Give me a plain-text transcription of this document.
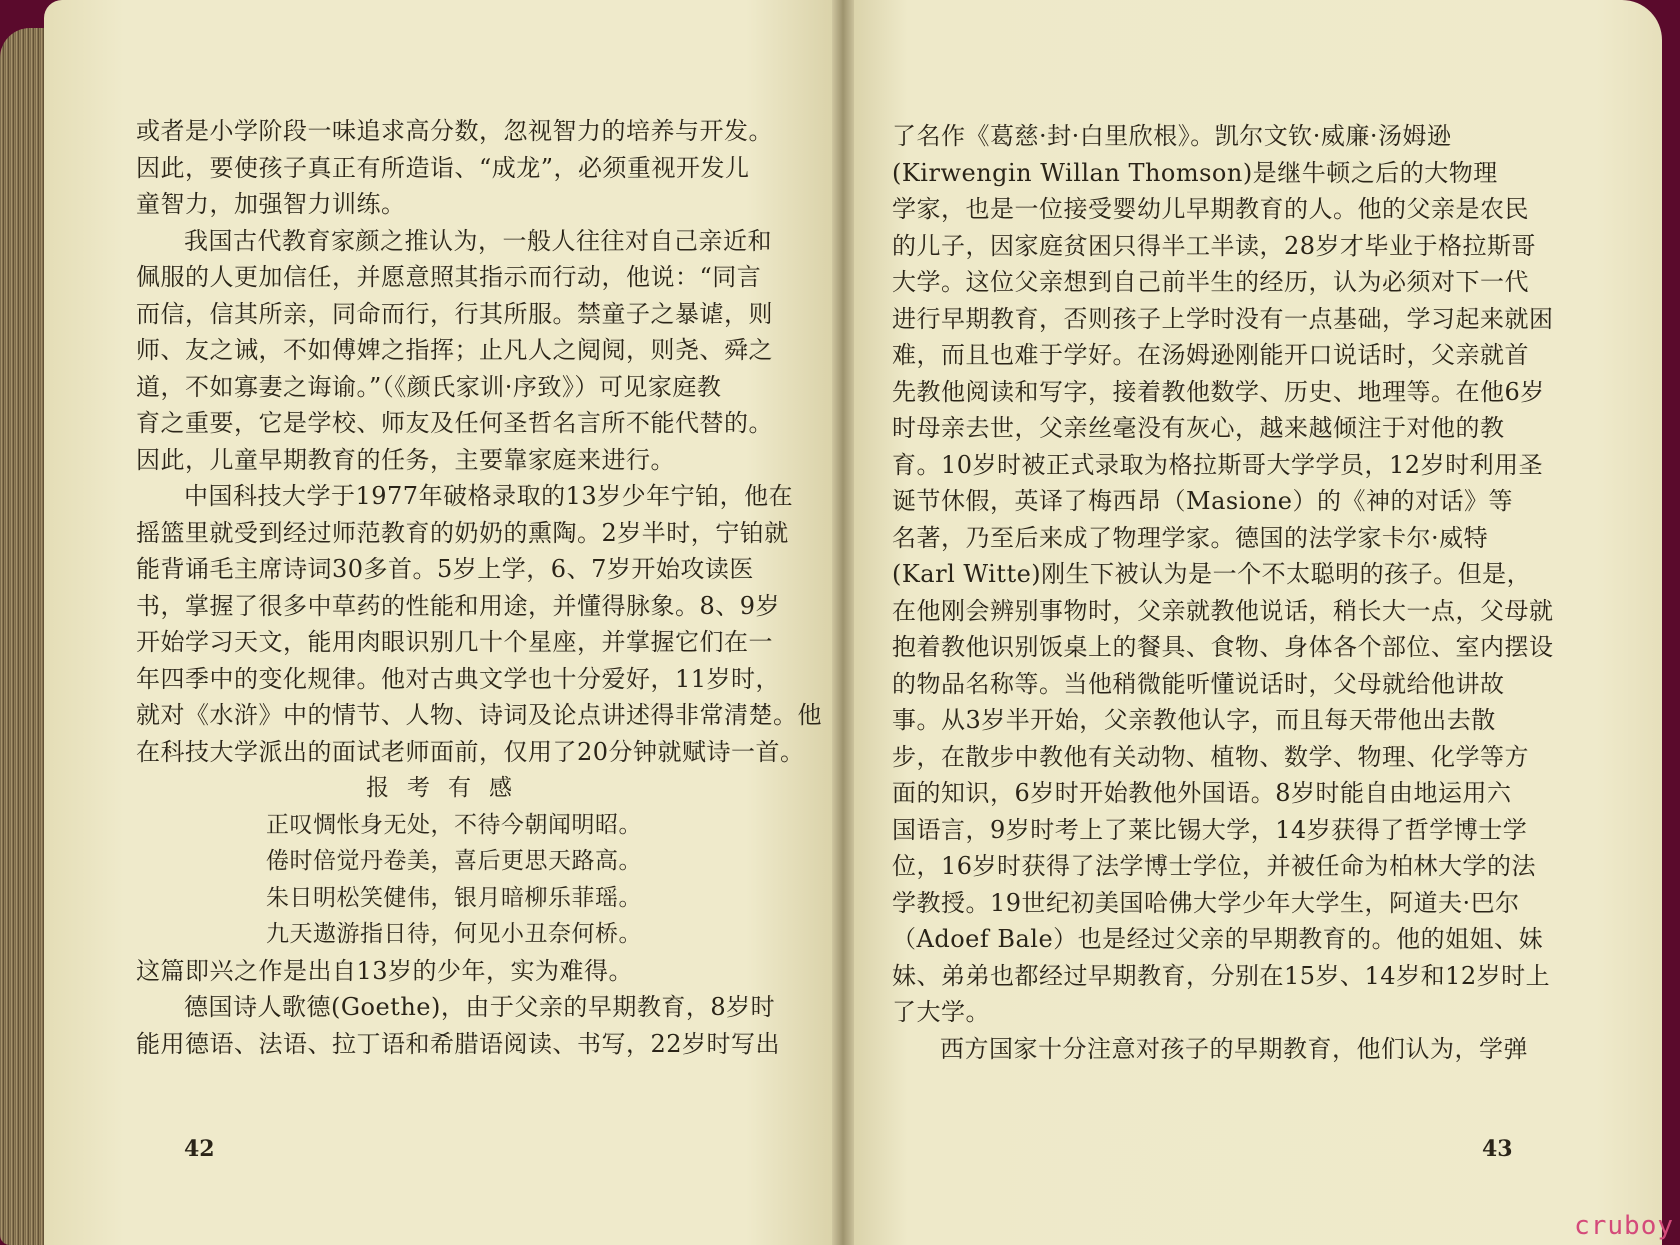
或者是小学阶段一味追求高分数，忽视智力的培养与开发。
因此，要使孩子真正有所造诣、“成龙”，必须重视开发儿
童智力，加强智力训练。
我国古代教育家颜之推认为，一般人往往对自己亲近和
佩服的人更加信任，并愿意照其指示而行动，他说：“同言
而信，信其所亲，同命而行，行其所服。禁童子之暴谑，则
师、友之诫，不如傅婢之指挥；止凡人之阋阋，则尧、舜之
道，不如寡妻之诲谕。”（《颜氏家训·序致》）可见家庭教
育之重要，它是学校、师友及任何圣哲名言所不能代替的。
因此，儿童早期教育的任务，主要靠家庭来进行。
中国科技大学于1977年破格录取的13岁少年宁铂，他在
摇篮里就受到经过师范教育的奶奶的熏陶。2岁半时，宁铂就
能背诵毛主席诗词30多首。5岁上学，6、7岁开始攻读医
书，掌握了很多中草药的性能和用途，并懂得脉象。8、9岁
开始学习天文，能用肉眼识别几十个星座，并掌握它们在一
年四季中的变化规律。他对古典文学也十分爱好，11岁时，
就对《水浒》中的情节、人物、诗词及论点讲述得非常清楚。他
在科技大学派出的面试老师面前，仅用了20分钟就赋诗一首。
报考有感
正叹惆怅身无处，不待今朝闻明昭。
倦时倍觉丹卷美，喜后更思天路高。
朱日明松笑健伟，银月暗柳乐菲瑶。
九天遨游指日待，何见小丑奈何桥。
这篇即兴之作是出自13岁的少年，实为难得。
德国诗人歌德(Goethe)，由于父亲的早期教育，8岁时
能用德语、法语、拉丁语和希腊语阅读、书写，22岁时写出
42
了名作《葛慈·封·白里欣根》。凯尔文钦·威廉·汤姆逊
(Kirwengin Willan Thomson)是继牛顿之后的大物理
学家，也是一位接受婴幼儿早期教育的人。他的父亲是农民
的儿子，因家庭贫困只得半工半读，28岁才毕业于格拉斯哥
大学。这位父亲想到自己前半生的经历，认为必须对下一代
进行早期教育，否则孩子上学时没有一点基础，学习起来就困
难，而且也难于学好。在汤姆逊刚能开口说话时，父亲就首
先教他阅读和写字，接着教他数学、历史、地理等。在他6岁
时母亲去世，父亲丝毫没有灰心，越来越倾注于对他的教
育。10岁时被正式录取为格拉斯哥大学学员，12岁时利用圣
诞节休假，英译了梅西昂（Masione）的《神的对话》等
名著，乃至后来成了物理学家。德国的法学家卡尔·威特
(Karl Witte)刚生下被认为是一个不太聪明的孩子。但是，
在他刚会辨别事物时，父亲就教他说话，稍长大一点，父母就
抱着教他识别饭桌上的餐具、食物、身体各个部位、室内摆设
的物品名称等。当他稍微能听懂说话时，父母就给他讲故
事。从3岁半开始，父亲教他认字，而且每天带他出去散
步，在散步中教他有关动物、植物、数学、物理、化学等方
面的知识，6岁时开始教他外国语。8岁时能自由地运用六
国语言，9岁时考上了莱比锡大学，14岁获得了哲学博士学
位，16岁时获得了法学博士学位，并被任命为柏林大学的法
学教授。19世纪初美国哈佛大学少年大学生，阿道夫·巴尔
（Adoef Bale）也是经过父亲的早期教育的。他的姐姐、妹
妹、弟弟也都经过早期教育，分别在15岁、14岁和12岁时上
了大学。
西方国家十分注意对孩子的早期教育，他们认为，学弹
43
cruboy
